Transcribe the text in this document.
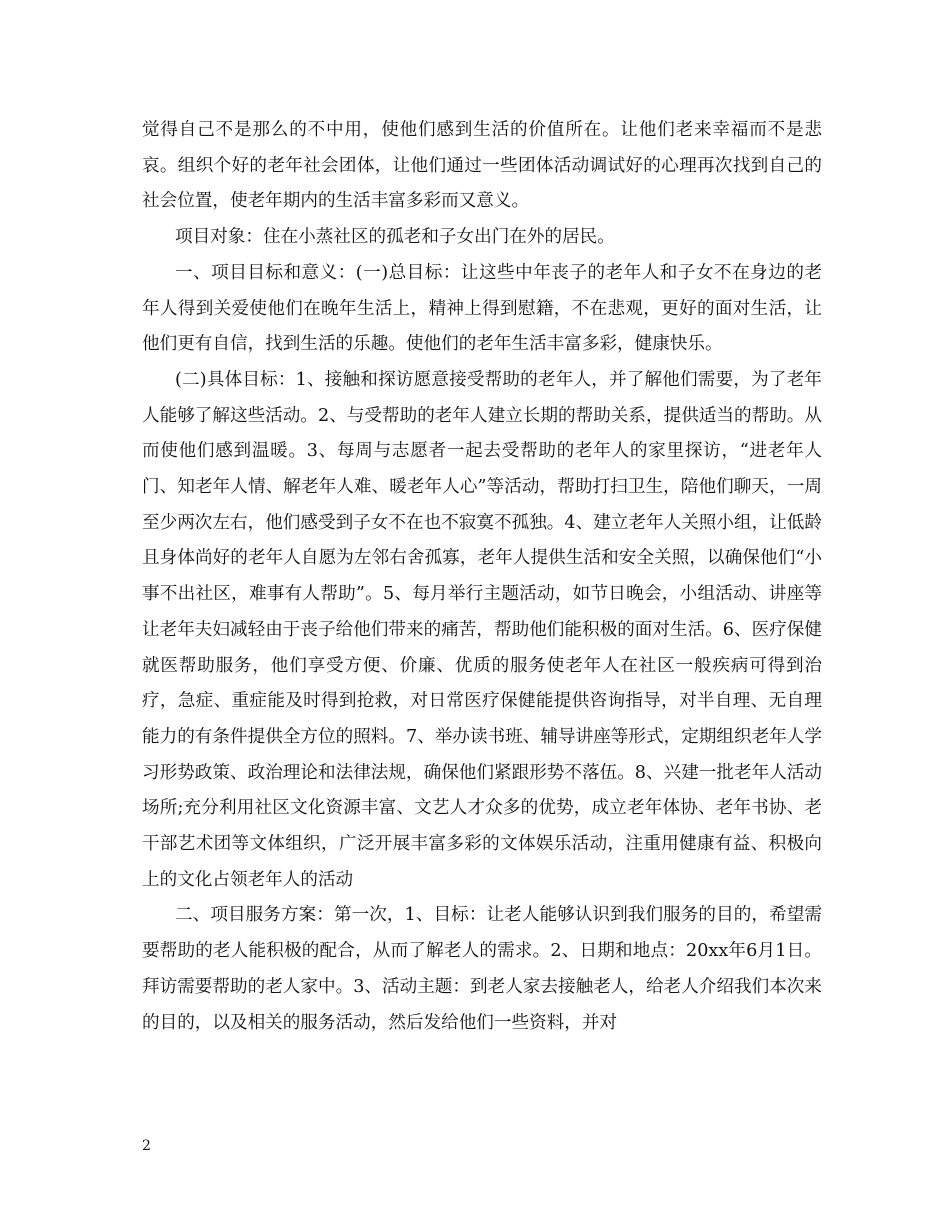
觉得自己不是那么的不中用，使他们感到生活的价值所在。让他们老来幸福而不是悲哀。组织个好的老年社会团体，让他们通过一些团体活动调试好的心理再次找到自己的社会位置，使老年期内的生活丰富多彩而又意义。

项目对象：住在小蒸社区的孤老和子女出门在外的居民。

一、项目目标和意义：(一)总目标：让这些中年丧子的老年人和子女不在身边的老年人得到关爱使他们在晚年生活上，精神上得到慰籍，不在悲观，更好的面对生活，让他们更有自信，找到生活的乐趣。使他们的老年生活丰富多彩，健康快乐。

(二)具体目标：1、接触和探访愿意接受帮助的老年人，并了解他们需要，为了老年人能够了解这些活动。2、与受帮助的老年人建立长期的帮助关系，提供适当的帮助。从而使他们感到温暖。3、每周与志愿者一起去受帮助的老年人的家里探访，“进老年人门、知老年人情、解老年人难、暖老年人心”等活动，帮助打扫卫生，陪他们聊天，一周至少两次左右，他们感受到子女不在也不寂寞不孤独。4、建立老年人关照小组，让低龄且身体尚好的老年人自愿为左邻右舍孤寡，老年人提供生活和安全关照，以确保他们“小事不出社区，难事有人帮助”。5、每月举行主题活动，如节日晚会，小组活动、讲座等让老年夫妇减轻由于丧子给他们带来的痛苦，帮助他们能积极的面对生活。6、医疗保健就医帮助服务，他们享受方便、价廉、优质的服务使老年人在社区一般疾病可得到治疗，急症、重症能及时得到抢救，对日常医疗保健能提供咨询指导，对半自理、无自理能力的有条件提供全方位的照料。7、举办读书班、辅导讲座等形式，定期组织老年人学习形势政策、政治理论和法律法规，确保他们紧跟形势不落伍。8、兴建一批老年人活动场所;充分利用社区文化资源丰富、文艺人才众多的优势，成立老年体协、老年书协、老干部艺术团等文体组织，广泛开展丰富多彩的文体娱乐活动，注重用健康有益、积极向上的文化占领老年人的活动

二、项目服务方案：第一次，1、目标：让老人能够认识到我们服务的目的，希望需要帮助的老人能积极的配合，从而了解老人的需求。2、日期和地点：20xx年6月1日。拜访需要帮助的老人家中。3、活动主题：到老人家去接触老人，给老人介绍我们本次来的目的，以及相关的服务活动，然后发给他们一些资料，并对

2
